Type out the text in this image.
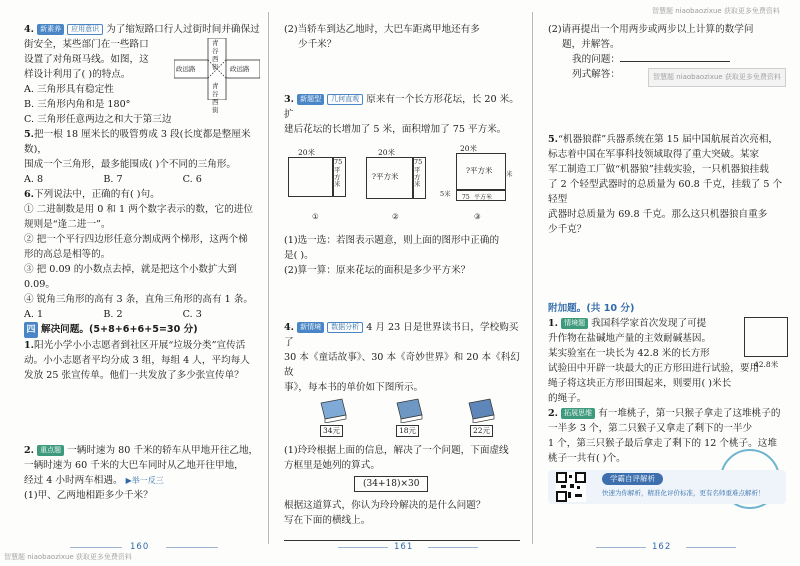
4. 新素养 应用意识 为了缩短路口行人过街时间并确保过

街安全，某些部门在一些路口

设置了对角斑马线。如图，这

样设计利用了( )的特点。

A. 三角形具有稳定性

B. 三角形内角和是 180°

C. 三角形任意两边之和大于第三边

青谷西街
青谷西街
政远路	政远路

5.把一根 18 厘米长的吸管剪成 3 段(长度都是整厘米数)，

围成一个三角形，最多能围成( )个不同的三角形。

A. 8	B. 7	C. 6

6.下列说法中，正确的有( )句。

① 二进制数是用 0 和 1 两个数字表示的数，它的进位

规则是“逢二进一”。

② 把一个平行四边形任意分割成两个梯形，这两个梯

形的高总是相等的。

③ 把 0.09 的小数点去掉，就是把这个小数扩大到 0.09。

④ 锐角三角形的高有 3 条，直角三角形的高有 1 条。

A. 1	B. 2	C. 3
四 解决问题。(5+8+6+6+5=30 分)

1.阳光小学小小志愿者到社区开展“垃圾分类”宣传活

动。小小志愿者平均分成 3 组，每组 4 人，平均每人

发放 25 张宣传单。他们一共发放了多少张宣传单？

2. 重点题 一辆时速为 80 千米的轿车从甲地开往乙地，

一辆时速为 60 千米的大巴车同时从乙地开往甲地，

经过 4 小时两车相遇。 ▶举一反三

(1)甲、乙两地相距多少千米？

160
智慧题 niaobaozixue 获取更多免费资料

(2)当轿车到达乙地时，大巴车距离甲地还有多

少千米？

3. 新题型 几何直观 原来有一个长方形花坛，长 20 米。扩

建后花坛的长增加了 5 米，面积增加了 75 平方米。

20米
75
平方米
①
20米
?平方米
75
平方米
②
20米
?平方米
75 平方米
5米
米
③

(1)选一选：若图表示题意，则上面的图形中正确的

是( )。

(2)算一算：原来花坛的面积是多少平方米？

4. 新情境 数据分析 4 月 23 日是世界读书日，学校购买了

30 本《童话故事》、30 本《奇妙世界》和 20 本《科幻故

事》，每本书的单价如下图所示。

34元	18元	22元

(1)玲玲根据上面的信息，解决了一个问题，下面虚线

方框里是她列的算式。

(34+18)×30

根据这道算式，你认为玲玲解决的是什么问题？

写在下面的横线上。

161
智慧题 niaobaozixue 获取更多免费资料

(2)请再提出一个用两步或两步以上计算的数学问

题，并解答。

我的问题：

列式解答：	智慧题 niaobaozixue 获取更多免费资料

5.“机器狼群”兵器系统在第 15 届中国航展首次亮相，

标志着中国在军事科技领域取得了重大突破。某家

军工制造工厂做“机器狼”挂载实验，一只机器狼挂载

了 2 个轻型武器时的总质量为 60.8 千克，挂载了 5 个轻型

武器时总质量为 69.8 千克。那么这只机器狼自重多

少千克？

附加题。(共 10 分)

1. 情境题 我国科学家首次发现了可提

升作物在盐碱地产量的主效耐碱基因。

某实验室在一块长为 42.8 米的长方形

试验田中开辟一块最大的正方形田进行试验，要用

绳子将这块正方形田围起来，则要用( )米长

的绳子。

42.8米

2. 拓展思维 有一堆桃子，第一只猴子拿走了这堆桃子的

一半多 3 个，第二只猴子又拿走了剩下的一半少

1 个，第三只猴子最后拿走了剩下的 12 个桃子。这堆

桃子一共有( )个。

学霸自评解析
快速为你解析，精准化评价标准，更有名师重难点解析！
162
